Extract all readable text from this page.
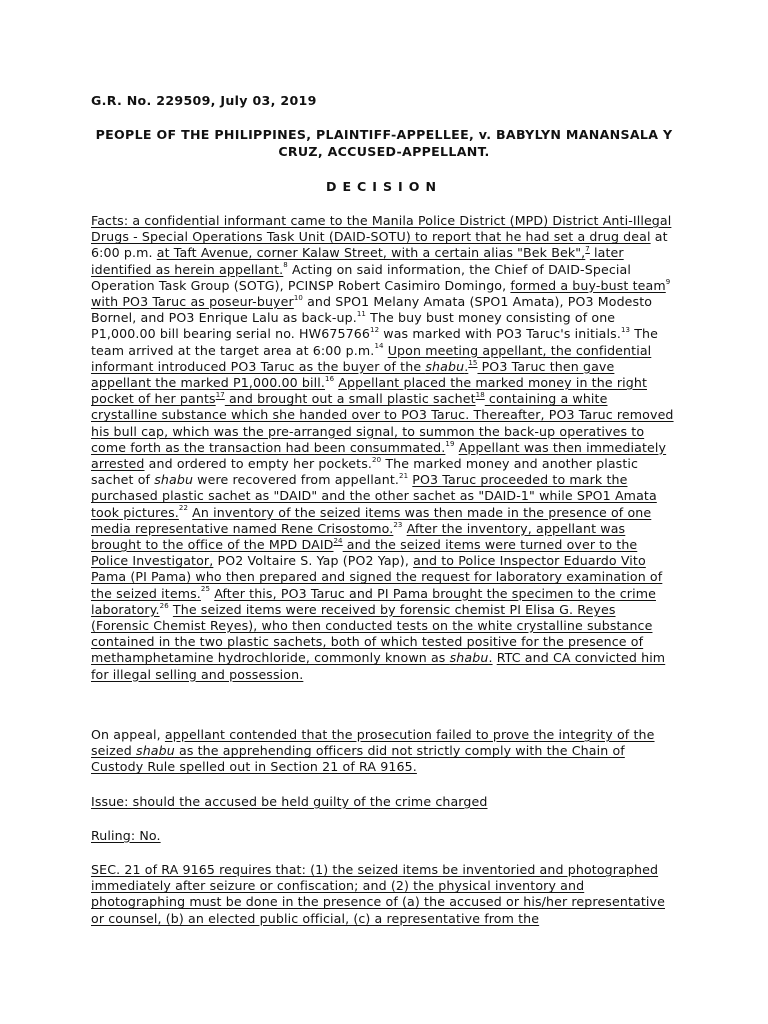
G.R. No. 229509, July 03, 2019

PEOPLE OF THE PHILIPPINES, PLAINTIFF-APPELLEE, v. BABYLYN MANANSALA Y CRUZ, ACCUSED-APPELLANT.

DECISION

Facts: a confidential informant came to the Manila Police District (MPD) District Anti-Illegal Drugs - Special Operations Task Unit (DAID-SOTU) to report that he had set a drug deal at 6:00 p.m. at Taft Avenue, corner Kalaw Street, with a certain alias "Bek Bek",$^7$ later identified as herein appellant.$^8$ Acting on said information, the Chief of DAID-Special Operation Task Group (SOTG), PCINSP Robert Casimiro Domingo, formed a buy-bust team$^9$ with PO3 Taruc as poseur-buyer$^{10}$ and SPO1 Melany Amata (SPO1 Amata), PO3 Modesto Bornel, and PO3 Enrique Lalu as back-up.$^{11}$ The buy bust money consisting of one P1,000.00 bill bearing serial no. HW675766$^{12}$ was marked with PO3 Taruc's initials.$^{13}$ The team arrived at the target area at 6:00 p.m.$^{14}$ Upon meeting appellant, the confidential informant introduced PO3 Taruc as the buyer of the shabu.$^{15}$ PO3 Taruc then gave appellant the marked P1,000.00 bill.$^{16}$ Appellant placed the marked money in the right pocket of her pants$^{17}$ and brought out a small plastic sachet$^{18}$ containing a white crystalline substance which she handed over to PO3 Taruc. Thereafter, PO3 Taruc removed his bull cap, which was the pre-arranged signal, to summon the back-up operatives to come forth as the transaction had been consummated.$^{19}$ Appellant was then immediately arrested and ordered to empty her pockets.$^{20}$ The marked money and another plastic sachet of shabu were recovered from appellant.$^{21}$ PO3 Taruc proceeded to mark the purchased plastic sachet as "DAID" and the other sachet as "DAID-1" while SPO1 Amata took pictures.$^{22}$ An inventory of the seized items was then made in the presence of one media representative named Rene Crisostomo.$^{23}$ After the inventory, appellant was brought to the office of the MPD DAID$^{24}$ and the seized items were turned over to the Police Investigator, PO2 Voltaire S. Yap (PO2 Yap), and to Police Inspector Eduardo Vito Pama (PI Pama) who then prepared and signed the request for laboratory examination of the seized items.$^{25}$ After this, PO3 Taruc and PI Pama brought the specimen to the crime laboratory.$^{26}$ The seized items were received by forensic chemist PI Elisa G. Reyes (Forensic Chemist Reyes), who then conducted tests on the white crystalline substance contained in the two plastic sachets, both of which tested positive for the presence of methamphetamine hydrochloride, commonly known as shabu. RTC and CA convicted him for illegal selling and possession.

On appeal, appellant contended that the prosecution failed to prove the integrity of the seized shabu as the apprehending officers did not strictly comply with the Chain of Custody Rule spelled out in Section 21 of RA 9165.

Issue: should the accused be held guilty of the crime charged

Ruling: No.

SEC. 21 of RA 9165 requires that: (1) the seized items be inventoried and photographed immediately after seizure or confiscation; and (2) the physical inventory and photographing must be done in the presence of (a) the accused or his/her representative or counsel, (b) an elected public official, (c) a representative from the
